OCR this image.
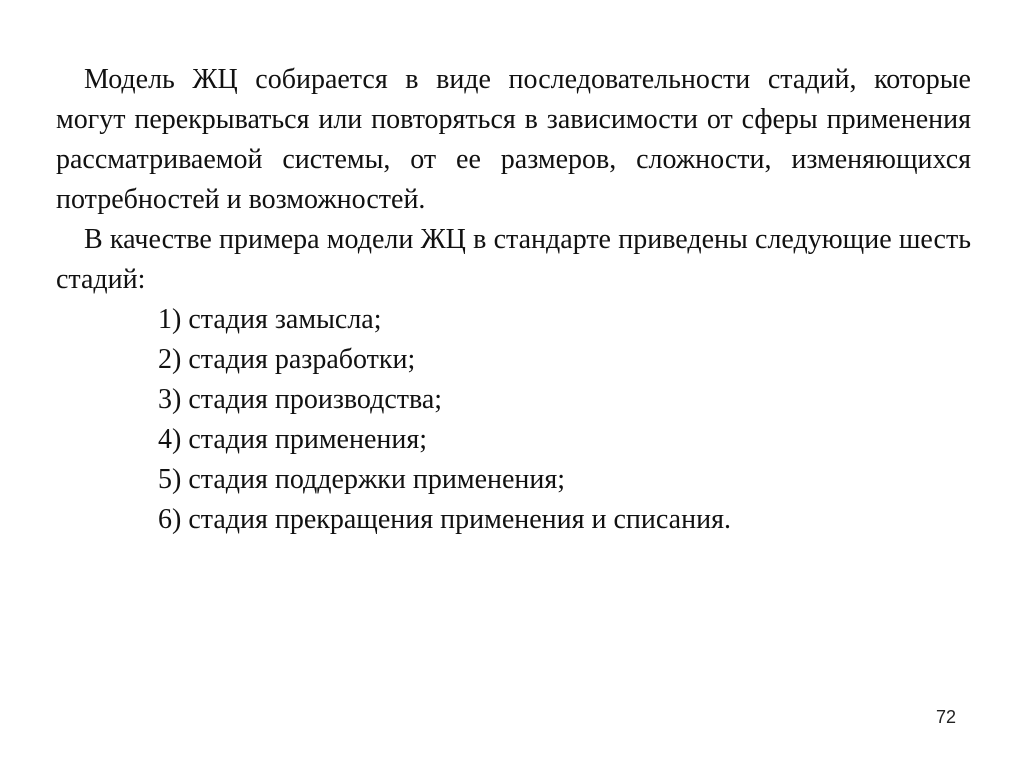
Модель ЖЦ собирается в виде последовательности стадий, которые могут перекрываться или повторяться в зависимости от сферы применения рассматриваемой системы, от ее размеров, сложности, изменяющихся потребностей и возможностей.

В качестве примера модели ЖЦ в стандарте приведены следующие шесть стадий:

1) стадия замысла;
2) стадия разработки;
3) стадия производства;
4) стадия применения;
5) стадия поддержки применения;
6) стадия прекращения применения и списания.
72
